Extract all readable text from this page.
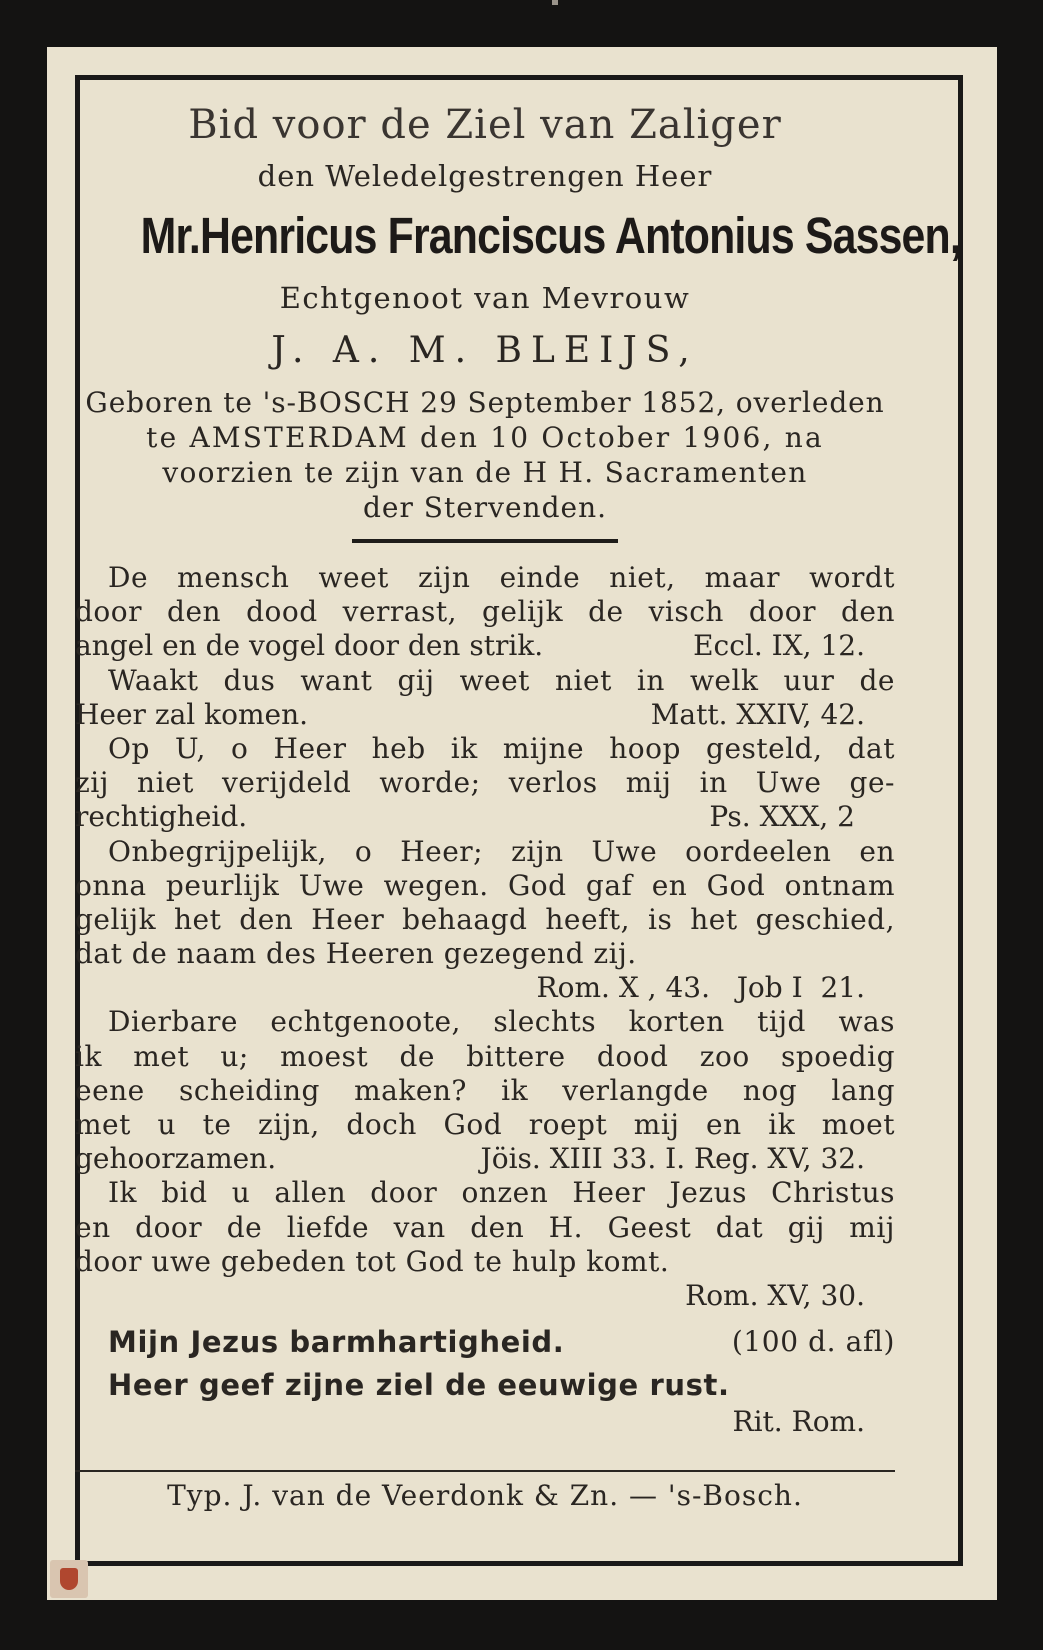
Bid voor de Ziel van Zaliger
den Weledelgestrengen Heer
Mr.Henricus Franciscus Antonius Sassen,
Echtgenoot van Mevrouw
J. A. M. BLEIJS,
Geboren te 's-BOSCH 29 September 1852, overleden
te AMSTERDAM den 10 October 1906, na
voorzien te zijn van de H H. Sacramenten
der Stervenden.

De mensch weet zijn einde niet, maar wordt

door den dood verrast, gelijk de visch door den

angel en de vogel door den strik.	Eccl. IX, 12.

Waakt dus want gij weet niet in welk uur de

Heer zal komen.	Matt. XXIV, 42.

Op U, o Heer heb ik mijne hoop gesteld, dat

zij niet verijdeld worde; verlos mij in Uwe ge-

rechtigheid.	Ps. XXX, 2

Onbegrijpelijk, o Heer; zijn Uwe oordeelen en

onna peurlijk Uwe wegen. God gaf en God ontnam

gelijk het den Heer behaagd heeft, is het geschied,

dat de naam des Heeren gezegend zij.

Rom. X , 43.   Job I  21.

Dierbare echtgenoote, slechts korten tijd was

ik met u; moest de bittere dood zoo spoedig

eene scheiding maken? ik verlangde nog lang

met u te zijn, doch God roept mij en ik moet

gehoorzamen.	Jöis. XIII 33. I. Reg. XV, 32.

Ik bid u allen door onzen Heer Jezus Christus

en door de liefde van den H. Geest dat gij mij

door uwe gebeden tot God te hulp komt.

Rom. XV, 30.
Mijn Jezus barmhartigheid.	(100 d. afl)
Heer geef zijne ziel de eeuwige rust.
Rit. Rom.
Typ. J. van de Veerdonk & Zn. — 's-Bosch.
